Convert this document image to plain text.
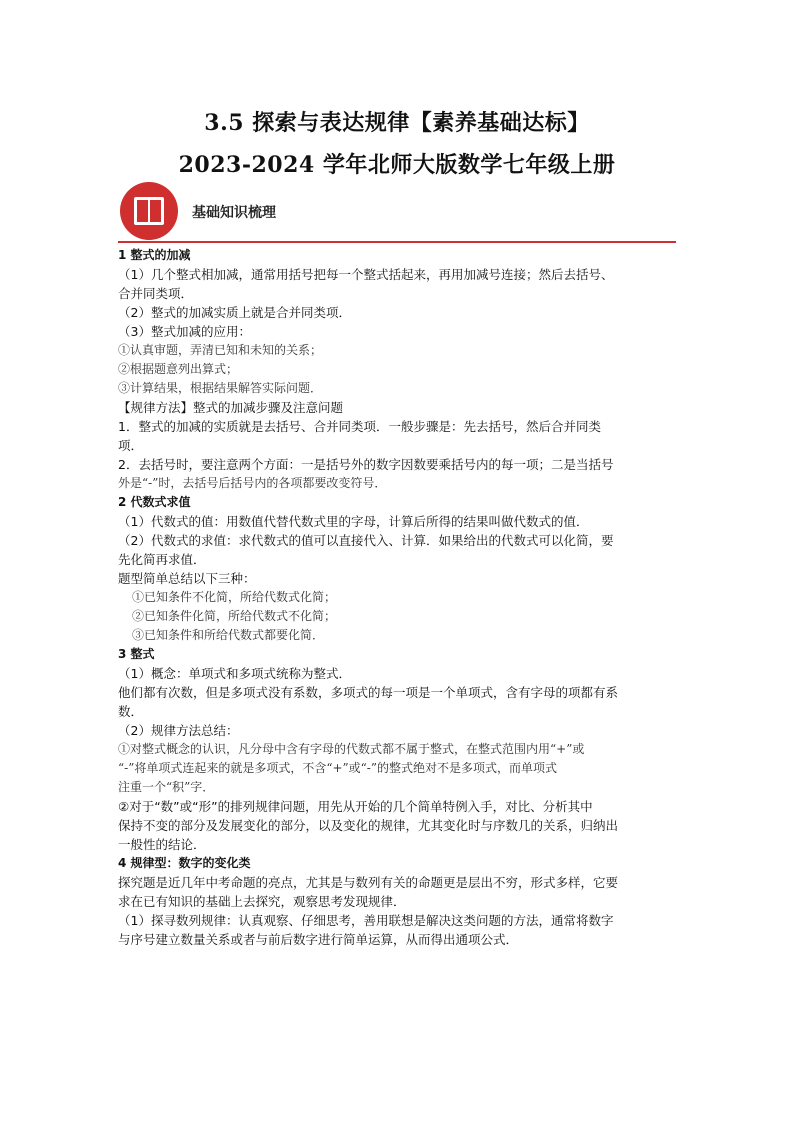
3.5 探索与表达规律【素养基础达标】
2023-2024 学年北师大版数学七年级上册
基础知识梳理
1 整式的加减
（1）几个整式相加减，通常用括号把每一个整式括起来，再用加减号连接；然后去括号、
合并同类项．
（2）整式的加减实质上就是合并同类项．
（3）整式加减的应用：
①认真审题，弄清已知和未知的关系；
②根据题意列出算式；
③计算结果，根据结果解答实际问题．
【规律方法】整式的加减步骤及注意问题
1．整式的加减的实质就是去括号、合并同类项．一般步骤是：先去括号，然后合并同类
项．
2．去括号时，要注意两个方面：一是括号外的数字因数要乘括号内的每一项；二是当括号
外是“-”时，去括号后括号内的各项都要改变符号．
2 代数式求值
（1）代数式的值：用数值代替代数式里的字母，计算后所得的结果叫做代数式的值．
（2）代数式的求值：求代数式的值可以直接代入、计算．如果给出的代数式可以化简，要
先化简再求值．
题型简单总结以下三种：
①已知条件不化简，所给代数式化简；
②已知条件化简，所给代数式不化简；
③已知条件和所给代数式都要化简．
3 整式
（1）概念：单项式和多项式统称为整式．
他们都有次数，但是多项式没有系数，多项式的每一项是一个单项式，含有字母的项都有系
数．
（2）规律方法总结：
①对整式概念的认识，凡分母中含有字母的代数式都不属于整式，在整式范围内用“+”或
“-”将单项式连起来的就是多项式，不含“+”或“-”的整式绝对不是多项式，而单项式
注重一个“积”字．
②对于“数”或“形”的排列规律问题，用先从开始的几个简单特例入手，对比、分析其中
保持不变的部分及发展变化的部分，以及变化的规律，尤其变化时与序数几的关系，归纳出
一般性的结论．
4 规律型：数字的变化类
探究题是近几年中考命题的亮点，尤其是与数列有关的命题更是层出不穷，形式多样，它要
求在已有知识的基础上去探究，观察思考发现规律．
（1）探寻数列规律：认真观察、仔细思考，善用联想是解决这类问题的方法，通常将数字
与序号建立数量关系或者与前后数字进行简单运算，从而得出通项公式．
